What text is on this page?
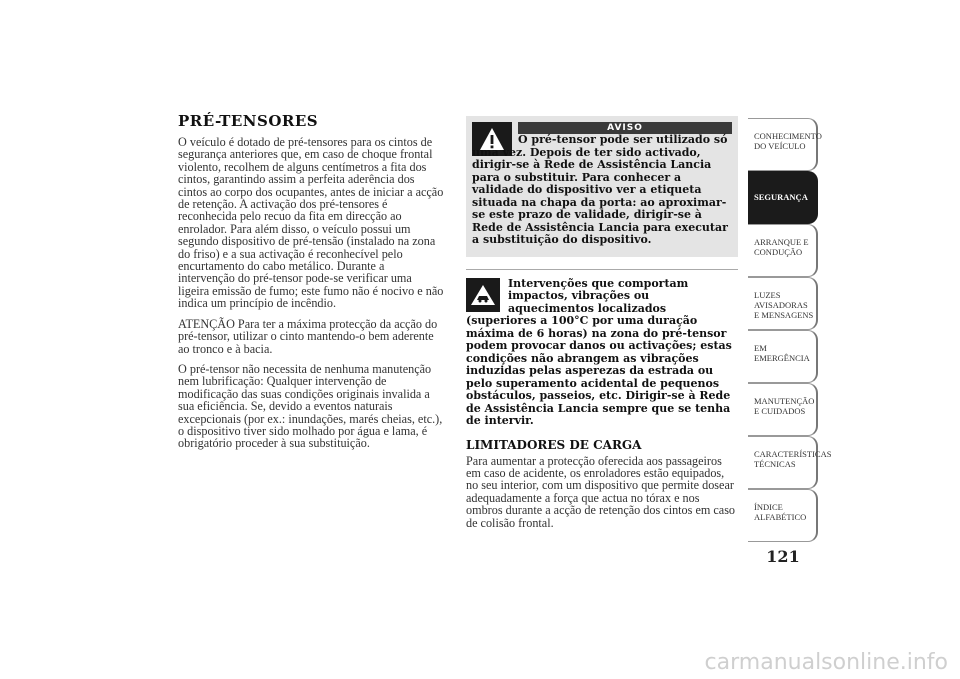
PRÉ-TENSORES

O veículo é dotado de pré-tensores para os cintos de segurança anteriores que, em caso de choque frontal violento, recolhem de alguns centímetros a fita dos cintos, garantindo assim a perfeita aderência dos cintos ao corpo dos ocupantes, antes de iniciar a acção de retenção. A activação dos pré-tensores é reconhecida pelo recuo da fita em direcção ao enrolador. Para além disso, o veículo possui um segundo dispositivo de pré-tensão (instalado na zona do friso) e a sua activação é reconhecível pelo encurtamento do cabo metálico. Durante a intervenção do pré-tensor pode-se verificar uma ligeira emissão de fumo; este fumo não é nocivo e não indica um princípio de incêndio.

ATENÇÃO Para ter a máxima protecção da acção do pré-tensor, utilizar o cinto mantendo-o bem aderente ao tronco e à bacia.

O pré-tensor não necessita de nenhuma manutenção nem lubrificação: Qualquer intervenção de modificação das suas condições originais invalida a sua eficiência. Se, devido a eventos naturais excepcionais (por ex.: inundações, marés cheias, etc.), o dispositivo tiver sido molhado por água e lama, é obrigatório proceder à sua substituição.

AVISO

O pré-tensor pode ser utilizado só uma vez. Depois de ter sido activado, dirigir-se à Rede de Assistência Lancia para o substituir. Para conhecer a validade do dispositivo ver a etiqueta situada na chapa da porta: ao aproximar-se este prazo de validade, dirigir-se à Rede de Assistência Lancia para executar a substituição do dispositivo.

Intervenções que comportam impactos, vibrações ou aquecimentos localizados (superiores a 100°C por uma duração máxima de 6 horas) na zona do pré-tensor podem provocar danos ou activações; estas condições não abrangem as vibrações induzidas pelas asperezas da estrada ou pelo superamento acidental de pequenos obstáculos, passeios, etc. Dirigir-se à Rede de Assistência Lancia sempre que se tenha de intervir.

LIMITADORES DE CARGA

Para aumentar a protecção oferecida aos passageiros em caso de acidente, os enroladores estão equipados, no seu interior, com um dispositivo que permite dosear adequadamente a força que actua no tórax e nos ombros durante a acção de retenção dos cintos em caso de colisão frontal.

CONHECIMENTO DO VEÍCULO
SEGURANÇA
ARRANQUE E CONDUÇÃO
LUZES AVISADORAS E MENSAGENS
EM EMERGÊNCIA
MANUTENÇÃO E CUIDADOS
CARACTERÍSTICAS TÉCNICAS
ÍNDICE ALFABÉTICO
121
carmanualsonline.info
